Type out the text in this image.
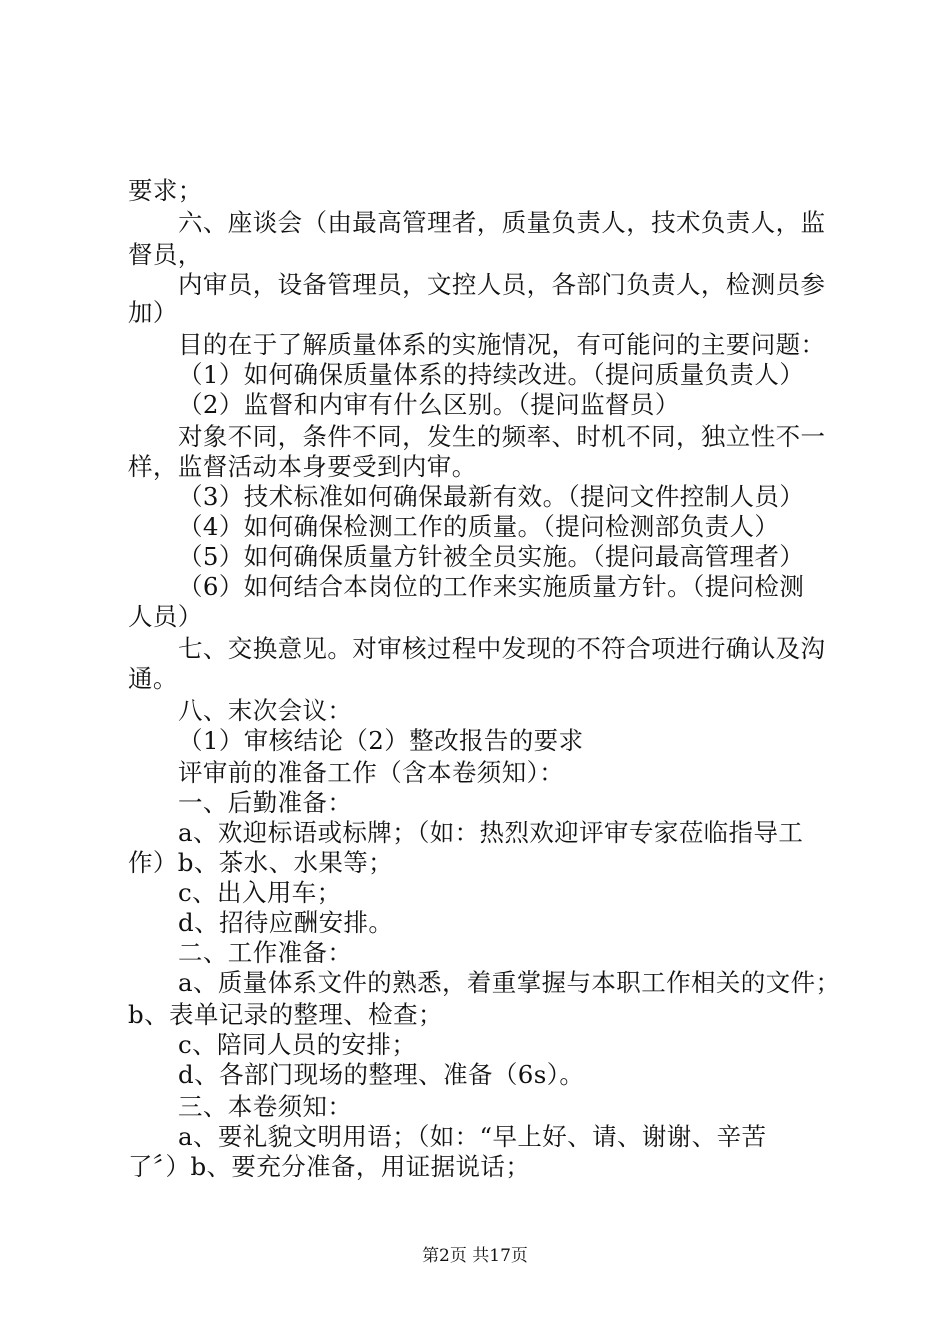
要求；
六、座谈会（由最高管理者，质量负责人，技术负责人，监
督员，
内审员，设备管理员，文控人员，各部门负责人，检测员参
加）
目的在于了解质量体系的实施情况，有可能问的主要问题：
（1）如何确保质量体系的持续改进。（提问质量负责人）
（2）监督和内审有什么区别。（提问监督员）
对象不同，条件不同，发生的频率、时机不同，独立性不一
样，监督活动本身要受到内审。
（3）技术标准如何确保最新有效。（提问文件控制人员）
（4）如何确保检测工作的质量。（提问检测部负责人）
（5）如何确保质量方针被全员实施。（提问最高管理者）
（6）如何结合本岗位的工作来实施质量方针。（提问检测
人员）
七、交换意见。对审核过程中发现的不符合项进行确认及沟
通。
八、末次会议：
（1）审核结论（2）整改报告的要求
评审前的准备工作（含本卷须知）：
一、后勤准备：
a、欢迎标语或标牌；（如：热烈欢迎评审专家莅临指导工
作）b、茶水、水果等；
c、出入用车；
d、招待应酬安排。
二、工作准备：
a、质量体系文件的熟悉，着重掌握与本职工作相关的文件；
b、表单记录的整理、检查；
c、陪同人员的安排；
d、各部门现场的整理、准备（6s）。
三、本卷须知：
a、要礼貌文明用语；（如：“早上好、请、谢谢、辛苦
了〞）b、要充分准备，用证据说话；
第2页 共17页
